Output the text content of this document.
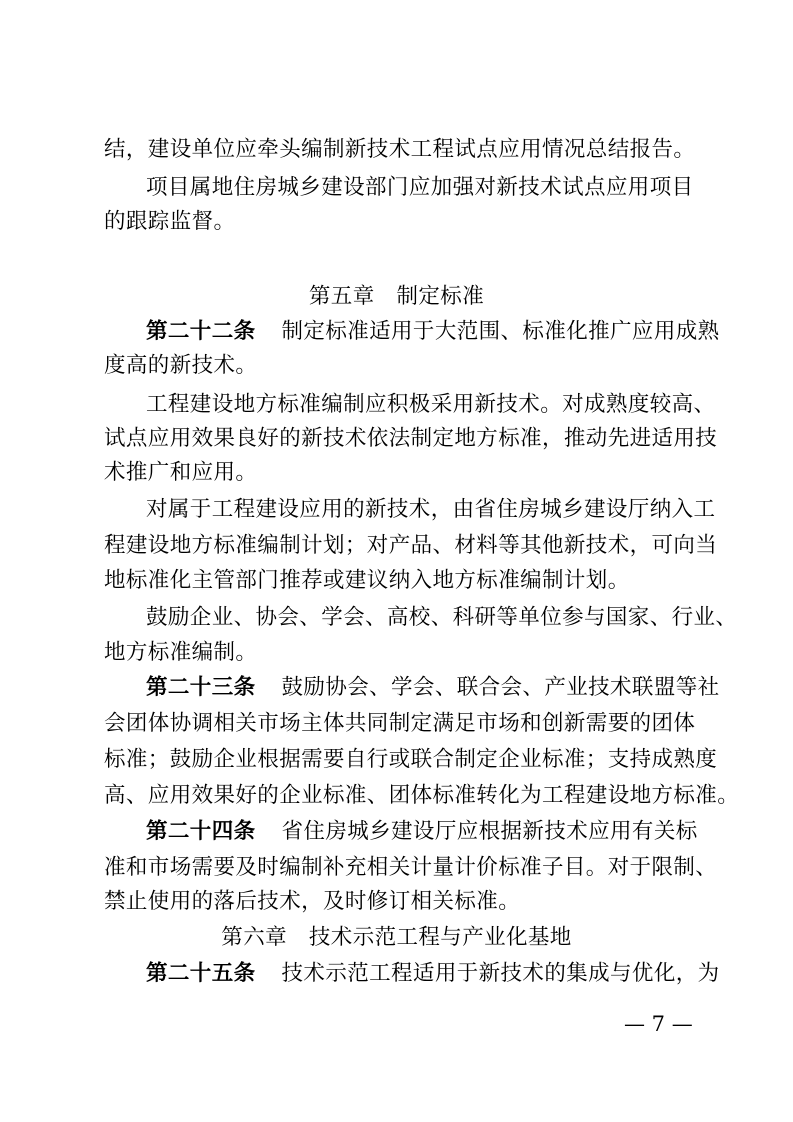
结，建设单位应牵头编制新技术工程试点应用情况总结报告。
项目属地住房城乡建设部门应加强对新技术试点应用项目
的跟踪监督。
第五章　制定标准
第二十二条 制定标准适用于大范围、标准化推广应用成熟
度高的新技术。
工程建设地方标准编制应积极采用新技术。对成熟度较高、
试点应用效果良好的新技术依法制定地方标准，推动先进适用技
术推广和应用。
对属于工程建设应用的新技术，由省住房城乡建设厅纳入工
程建设地方标准编制计划；对产品、材料等其他新技术，可向当
地标准化主管部门推荐或建议纳入地方标准编制计划。
鼓励企业、协会、学会、高校、科研等单位参与国家、行业、
地方标准编制。
第二十三条 鼓励协会、学会、联合会、产业技术联盟等社
会团体协调相关市场主体共同制定满足市场和创新需要的团体
标准；鼓励企业根据需要自行或联合制定企业标准；支持成熟度
高、应用效果好的企业标准、团体标准转化为工程建设地方标准。
第二十四条 省住房城乡建设厅应根据新技术应用有关标
准和市场需要及时编制补充相关计量计价标准子目。对于限制、
禁止使用的落后技术，及时修订相关标准。
第六章　技术示范工程与产业化基地
第二十五条 技术示范工程适用于新技术的集成与优化，为
— 7 —
